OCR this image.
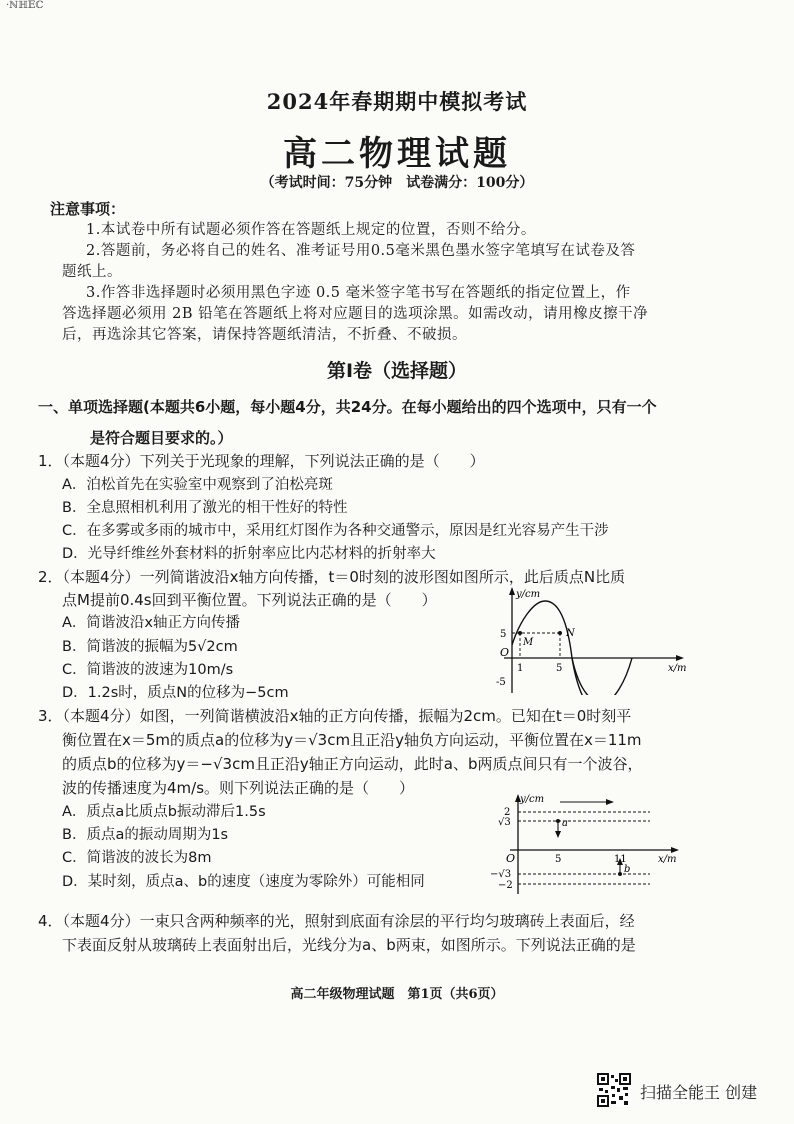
·ℕℍ𝔼ℂ
2024年春期期中模拟考试
高二物理试题
（考试时间：75分钟　试卷满分：100分）
注意事项：
1.本试卷中所有试题必须作答在答题纸上规定的位置，否则不给分。
2.答题前，务必将自己的姓名、准考证号用0.5毫米黑色墨水签字笔填写在试卷及答
题纸上。
3.作答非选择题时必须用黑色字迹 0.5 毫米签字笔书写在答题纸的指定位置上，作
答选择题必须用 2B 铅笔在答题纸上将对应题目的选项涂黑。如需改动，请用橡皮擦干净
后，再选涂其它答案，请保持答题纸清洁，不折叠、不破损。
第Ⅰ卷（选择题）
一、单项选择题(本题共6小题，每小题4分，共24分。在每小题给出的四个选项中，只有一个
是符合题目要求的。）
1．（本题4分）下列关于光现象的理解，下列说法正确的是（　　）
A．泊松首先在实验室中观察到了泊松亮斑
B．全息照相机利用了激光的相干性好的特性
C．在多雾或多雨的城市中，采用红灯图作为各种交通警示，原因是红光容易产生干涉
D．光导纤维丝外套材料的折射率应比内芯材料的折射率大
2．（本题4分）一列简谐波沿x轴方向传播，t＝0时刻的波形图如图所示，此后质点N比质
点M提前0.4s回到平衡位置。下列说法正确的是（　　）
A．简谐波沿x轴正方向传播
B．简谐波的振幅为5√2cm
C．简谐波的波速为10m/s
D．1.2s时，质点N的位移为−5cm
y/cm
x/m
5
-5
1	5
O
M
N
3．（本题4分）如图，一列简谐横波沿x轴的正方向传播，振幅为2cm。已知在t＝0时刻平
衡位置在x＝5m的质点a的位移为y＝√3cm且正沿y轴负方向运动，平衡位置在x＝11m
的质点b的位移为y＝−√3cm且正沿y轴正方向运动，此时a、b两质点间只有一个波谷，
波的传播速度为4m/s。则下列说法正确的是（　　）
A．质点a比质点b振动滞后1.5s
B．质点a的振动周期为1s
C．简谐波的波长为8m
D．某时刻，质点a、b的速度（速度为零除外）可能相同
y/cm
x/m
2
√3
−√3
−2
5	11
O
a
b
4．（本题4分）一束只含两种频率的光，照射到底面有涂层的平行均匀玻璃砖上表面后，经
下表面反射从玻璃砖上表面射出后，光线分为a、b两束，如图所示。下列说法正确的是
高二年级物理试题　第1页（共6页）
扫描全能王 创建
